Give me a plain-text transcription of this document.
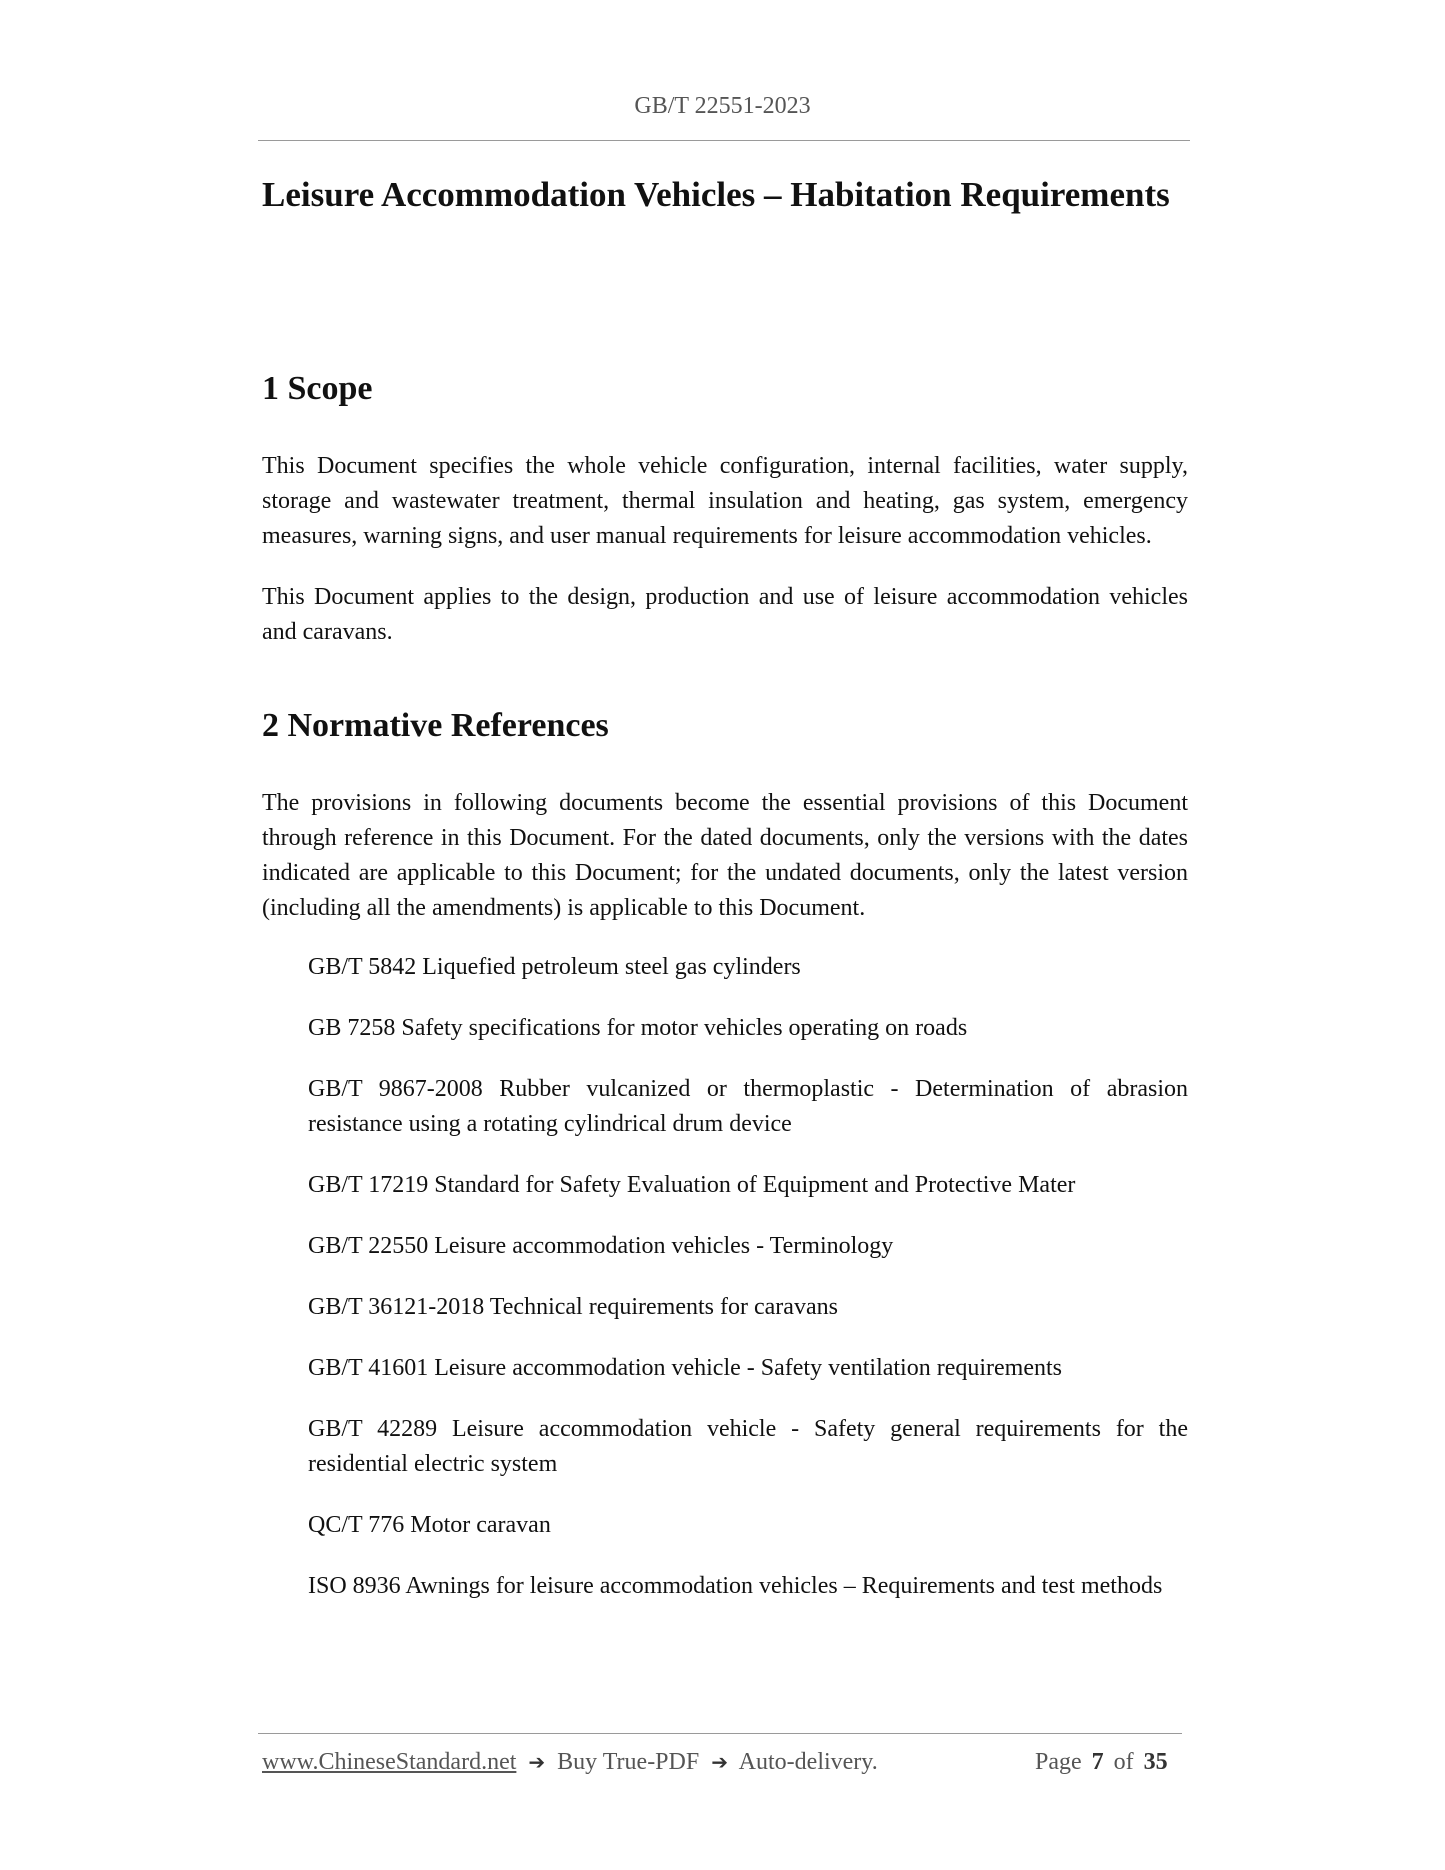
GB/T 22551-2023
Leisure Accommodation Vehicles – Habitation Requirements
1 Scope

This Document specifies the whole vehicle configuration, internal facilities, water supply, storage and wastewater treatment, thermal insulation and heating, gas system, emergency measures, warning signs, and user manual requirements for leisure accommodation vehicles.

This Document applies to the design, production and use of leisure accommodation vehicles and caravans.

2 Normative References

The provisions in following documents become the essential provisions of this Document through reference in this Document. For the dated documents, only the versions with the dates indicated are applicable to this Document; for the undated documents, only the latest version (including all the amendments) is applicable to this Document.

GB/T 5842 Liquefied petroleum steel gas cylinders
GB 7258 Safety specifications for motor vehicles operating on roads
GB/T 9867-2008 Rubber vulcanized or thermoplastic - Determination of abrasion resistance using a rotating cylindrical drum device
GB/T 17219 Standard for Safety Evaluation of Equipment and Protective Mater
GB/T 22550 Leisure accommodation vehicles - Terminology
GB/T 36121-2018 Technical requirements for caravans
GB/T 41601 Leisure accommodation vehicle - Safety ventilation requirements
GB/T 42289 Leisure accommodation vehicle - Safety general requirements for the residential electric system
QC/T 776 Motor caravan
ISO 8936 Awnings for leisure accommodation vehicles – Requirements and test methods
www.ChineseStandard.net ➔ Buy True-PDF ➔ Auto-delivery.	Page 7 of 35
